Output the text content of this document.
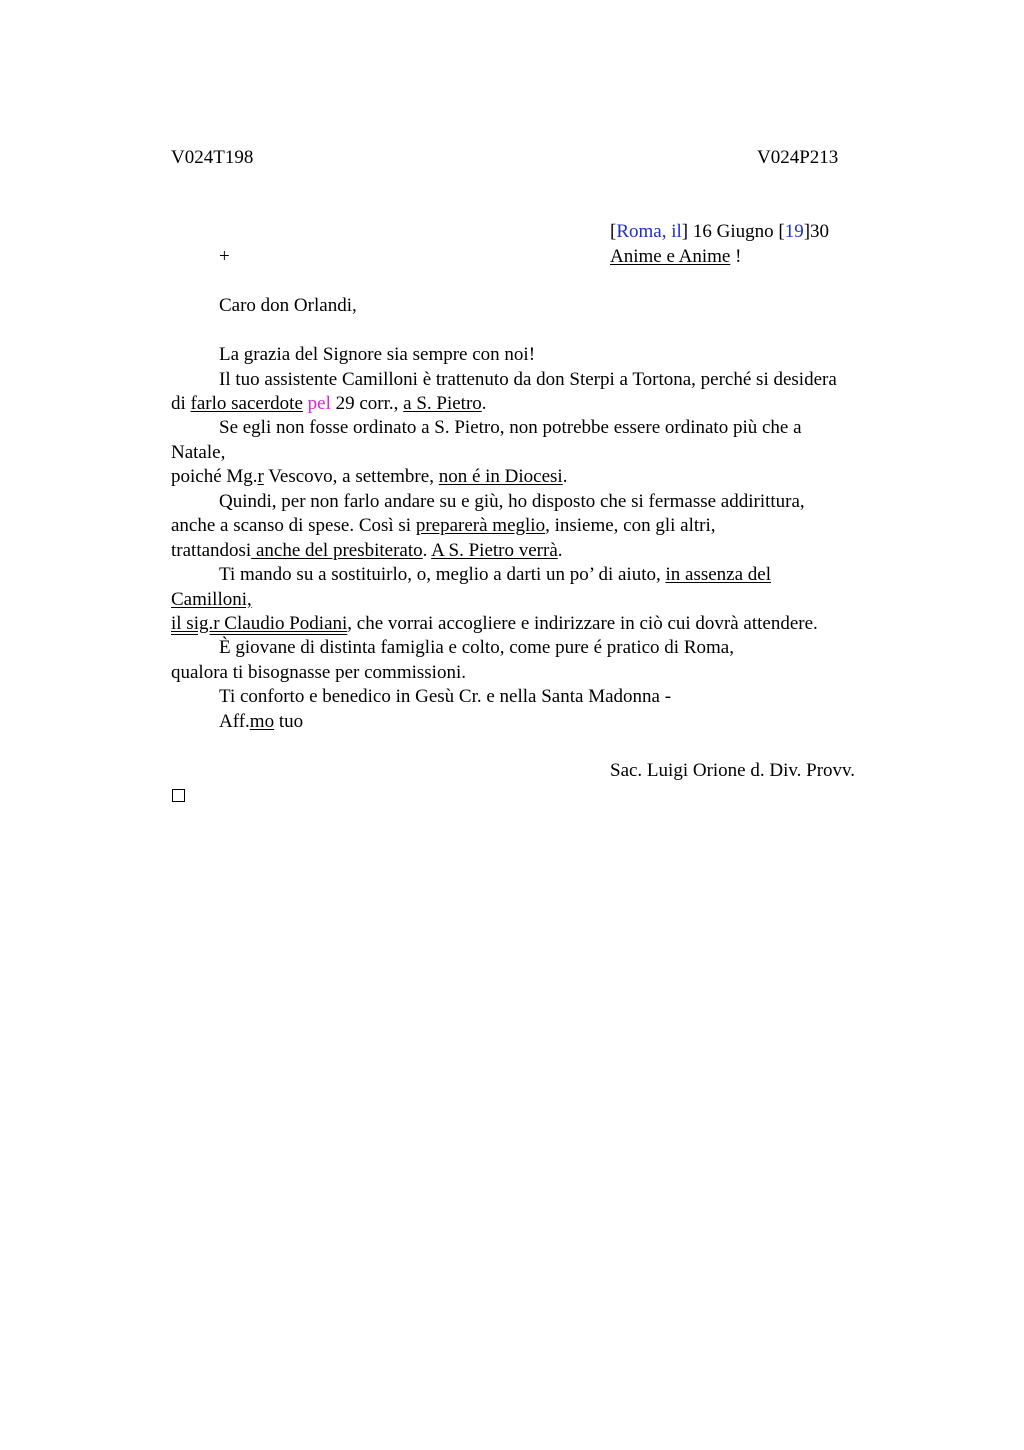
V024T198	V024P213
[Roma, il] 16 Giugno [19]30
+	Anime e Anime !
Caro don Orlandi,
La grazia del Signore sia sempre con noi!
Il tuo assistente Camilloni è trattenuto da don Sterpi a Tortona, perché si desidera
di farlo sacerdote pel 29 corr., a S. Pietro.
Se egli non fosse ordinato a S. Pietro, non potrebbe essere ordinato più che a
Natale,
poiché Mg.r Vescovo, a settembre, non é in Diocesi.
Quindi, per non farlo andare su e giù, ho disposto che si fermasse addirittura,
anche a scanso di spese. Così si preparerà meglio, insieme, con gli altri,
trattandosi anche del presbiterato. A S. Pietro verrà.
Ti mando su a sostituirlo, o, meglio a darti un po’ di aiuto, in assenza del
Camilloni,
il sig.r Claudio Podiani, che vorrai accogliere e indirizzare in ciò cui dovrà attendere.
È giovane di distinta famiglia e colto, come pure é pratico di Roma,
qualora ti bisognasse per commissioni.
Ti conforto e benedico in Gesù Cr. e nella Santa Madonna -
Aff.mo tuo
Sac. Luigi Orione d. Div. Provv.
